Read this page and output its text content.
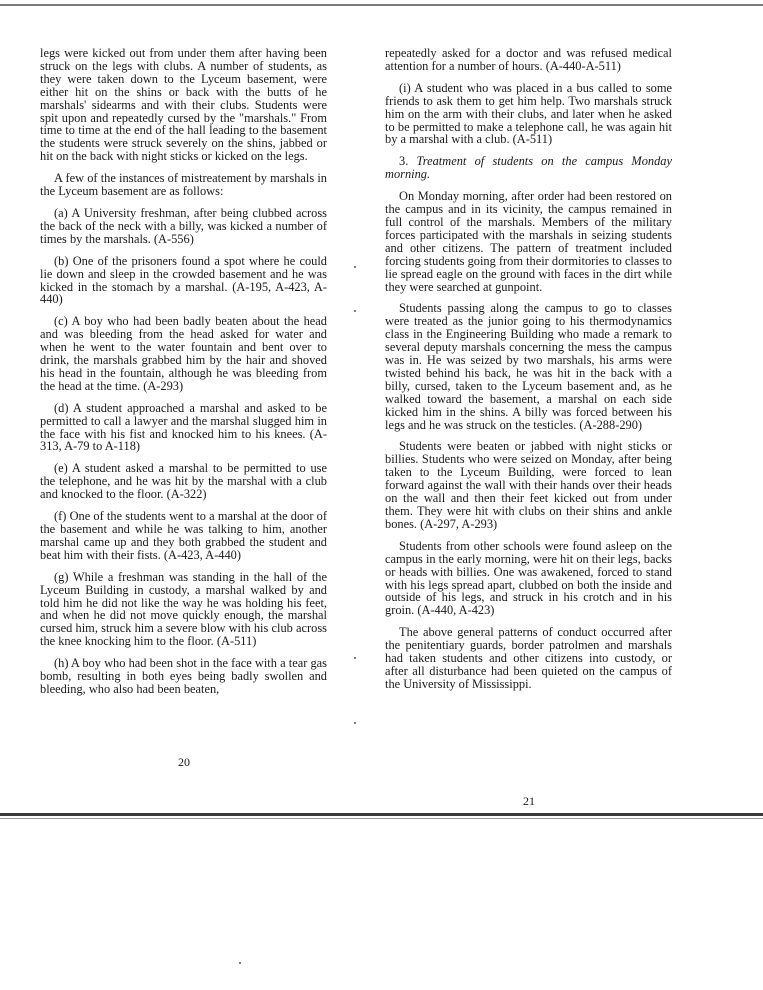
legs were kicked out from under them after having been struck on the legs with clubs. A number of students, as they were taken down to the Lyceum basement, were either hit on the shins or back with the butts of he marshals' sidearms and with their clubs. Students were spit upon and repeatedly cursed by the "marshals." From time to time at the end of the hall leading to the basement the students were struck severely on the shins, jabbed or hit on the back with night sticks or kicked on the legs.

A few of the instances of mistreatement by marshals in the Lyceum basement are as follows:

(a) A University freshman, after being clubbed across the back of the neck with a billy, was kicked a number of times by the marshals. (A-556)

(b) One of the prisoners found a spot where he could lie down and sleep in the crowded basement and he was kicked in the stomach by a marshal. (A-195, A-423, A-440)

(c) A boy who had been badly beaten about the head and was bleeding from the head asked for water and when he went to the water fountain and bent over to drink, the marshals grabbed him by the hair and shoved his head in the fountain, although he was bleeding from the head at the time. (A-293)

(d) A student approached a marshal and asked to be permitted to call a lawyer and the marshal slugged him in the face with his fist and knocked him to his knees. (A-313, A-79 to A-118)

(e) A student asked a marshal to be permitted to use the telephone, and he was hit by the marshal with a club and knocked to the floor. (A-322)

(f) One of the students went to a marshal at the door of the basement and while he was talking to him, another marshal came up and they both grabbed the student and beat him with their fists. (A-423, A-440)

(g) While a freshman was standing in the hall of the Lyceum Building in custody, a marshal walked by and told him he did not like the way he was holding his feet, and when he did not move quickly enough, the marshal cursed him, struck him a severe blow with his club across the knee knocking him to the floor. (A-511)

(h) A boy who had been shot in the face with a tear gas bomb, resulting in both eyes being badly swollen and bleeding, who also had been beaten,

20

repeatedly asked for a doctor and was refused medical attention for a number of hours. (A-440-A-511)

(i) A student who was placed in a bus called to some friends to ask them to get him help. Two marshals struck him on the arm with their clubs, and later when he asked to be permitted to make a telephone call, he was again hit by a marshal with a club. (A-511)

3. Treatment of students on the campus Monday morning.

On Monday morning, after order had been restored on the campus and in its vicinity, the campus remained in full control of the marshals. Members of the military forces participated with the marshals in seizing students and other citizens. The pattern of treatment included forcing students going from their dormitories to classes to lie spread eagle on the ground with faces in the dirt while they were searched at gunpoint.

Students passing along the campus to go to classes were treated as the junior going to his thermodynamics class in the Engineering Building who made a remark to several deputy marshals concerning the mess the campus was in. He was seized by two marshals, his arms were twisted behind his back, he was hit in the back with a billy, cursed, taken to the Lyceum basement and, as he walked toward the basement, a marshal on each side kicked him in the shins. A billy was forced between his legs and he was struck on the testicles. (A-288-290)

Students were beaten or jabbed with night sticks or billies. Students who were seized on Monday, after being taken to the Lyceum Building, were forced to lean forward against the wall with their hands over their heads on the wall and then their feet kicked out from under them. They were hit with clubs on their shins and ankle bones. (A-297, A-293)

Students from other schools were found asleep on the campus in the early morning, were hit on their legs, backs or heads with billies. One was awakened, forced to stand with his legs spread apart, clubbed on both the inside and outside of his legs, and struck in his crotch and in his groin. (A-440, A-423)

The above general patterns of conduct occurred after the penitentiary guards, border patrolmen and marshals had taken students and other citizens into custody, or after all disturbance had been quieted on the campus of the University of Mississippi.

21
